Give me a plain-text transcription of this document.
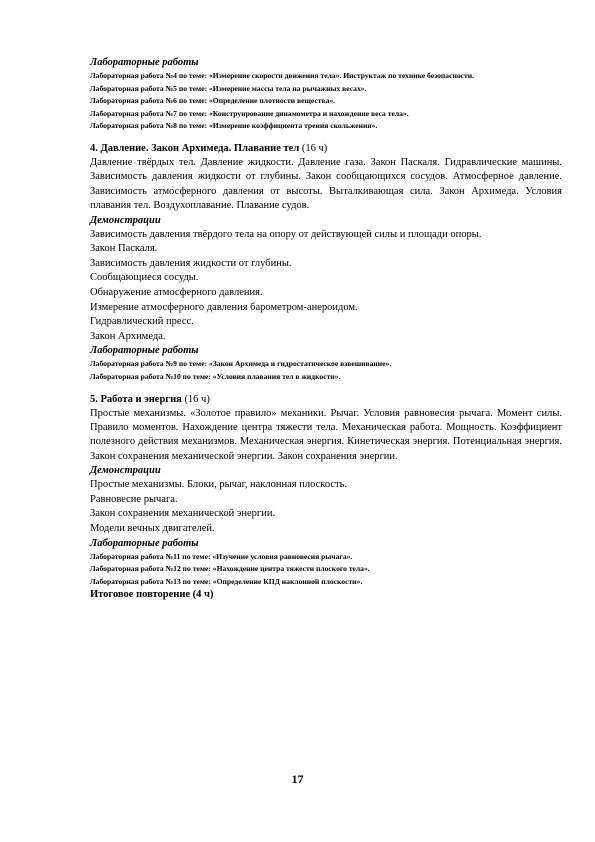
Лабораторные работы
Лабораторная работа №4 по теме: «Измерение скорости движения тела». Инструктаж по технике безопасности.
Лабораторная работа №5 по теме: «Измерение массы тела на рычажных весах».
Лабораторная работа №6 по теме: «Определение плотности вещества».
Лабораторная работа №7 по теме: «Конструирование динамометра и нахождение веса тела».
Лабораторная работа №8 по теме: «Измерение коэффициента трения скольжения».
4. Давление. Закон Архимеда. Плавание тел (16 ч)
Давление твёрдых тел. Давление жидкости. Давление газа. Закон Паскаля. Гидравлические машины. Зависимость давления жидкости от глубины. Закон сообщающихся сосудов. Атмосферное давление. Зависимость атмосферного давления от высоты. Выталкивающая сила. Закон Архимеда. Условия плавания тел. Воздухоплавание. Плавание судов.
Демонстрации
Зависимость давления твёрдого тела на опору от действующей силы и площади опоры.
Закон Паскаля.
Зависимость давления жидкости от глубины.
Сообщающиеся сосуды.
Обнаружение атмосферного давления.
Измерение атмосферного давления барометром-анероидом.
Гидравлический пресс.
Закон Архимеда.
Лабораторные работы
Лабораторная работа №9 по теме: «Закон Архимеда и гидростатическое взвешивание».
Лабораторная работа №10 по теме: «Условия плавания тел в жидкости».
5. Работа и энергия (16 ч)
Простые механизмы. «Золотое правило» механики. Рычаг. Условия равновесия рычага. Момент силы. Правило моментов. Нахождение центра тяжести тела. Механическая работа. Мощность. Коэффициент полезного действия механизмов. Механическая энергия. Кинетическая энергия. Потенциальная энергия. Закон сохранения механической энергии. Закон сохранения энергии.
Демонстрации
Простые механизмы. Блоки, рычаг, наклонная плоскость.
Равновесие рычага.
Закон сохранения механической энергии.
Модели вечных двигателей.
Лабораторные работы
Лабораторная работа №11 по теме: «Изучение условия равновесия рычага».
Лабораторная работа №12 по теме: «Нахождение центра тяжести плоского тела».
Лабораторная работа №13 по теме: «Определение КПД наклонной плоскости».
Итоговое повторение (4 ч)
17
